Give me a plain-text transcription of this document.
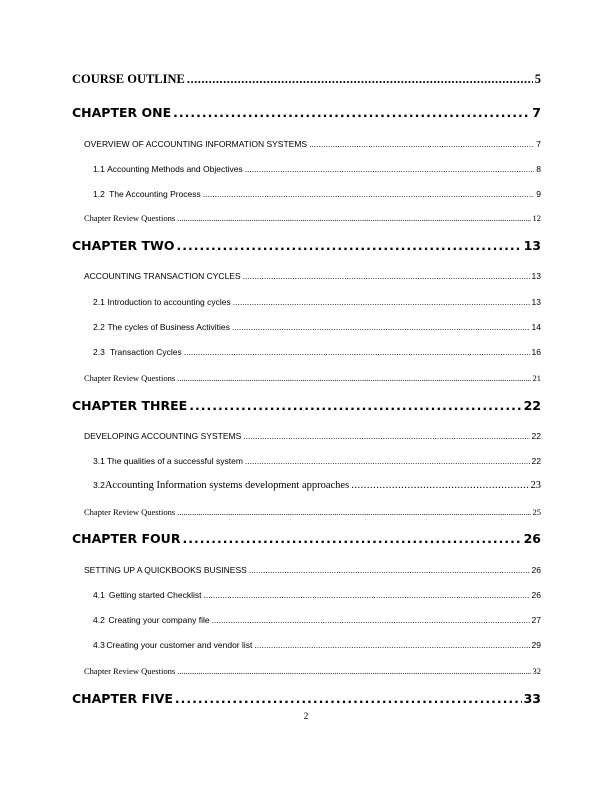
COURSE OUTLINE .....	5
CHAPTER ONE .....	7
OVERVIEW OF ACCOUNTING INFORMATION SYSTEMS .....	7
1.1 Accounting Methods and Objectives .....	8
1.2 The Accounting Process .....	9
Chapter Review Questions .....	12
CHAPTER TWO .....	13
ACCOUNTING TRANSACTION CYCLES .....	13
2.1 Introduction to accounting cycles .....	13
2.2 The cycles of Business Activities .....	14
2.3 Transaction Cycles .....	16
Chapter Review Questions .....	21
CHAPTER THREE .....	22
DEVELOPING ACCOUNTING SYSTEMS .....	22
3.1 The qualities of a successful system .....	22
3.2 Accounting Information systems development approaches .....	23
Chapter Review Questions .....	25
CHAPTER FOUR .....	26
SETTING UP A QUICKBOOKS BUSINESS .....	26
4.1 Getting started Checklist .....	26
4.2 Creating your company file .....	27
4.3 Creating your customer and vendor list .....	29
Chapter Review Questions .....	32
CHAPTER FIVE .....	33
2
